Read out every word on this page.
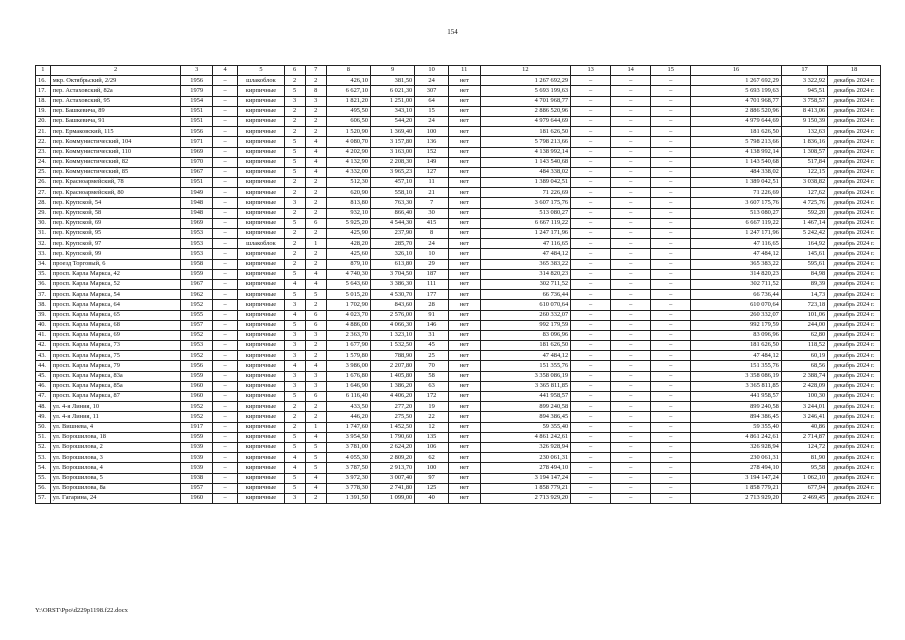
154
1	2	3	4	5	6	7	8	9	10	11	12	13	14	15	16	17	18
16.	мкр. Октябрьский, 2/29	1956	–	шлакоблок	2	2	426,10	381,50	24	нет	1 267 692,29	–	–	–	1 267 692,29	3 322,92	декабрь 2024 г.
17.	пер. Астаховский, 82а	1979	–	кирпичные	5	8	6 627,10	6 021,30	307	нет	5 693 199,63	–	–	–	5 693 199,63	945,51	декабрь 2024 г.
18.	пер. Астаховский, 95	1954	–	кирпичные	3	3	1 821,20	1 251,00	64	нет	4 701 968,77	–	–	–	4 701 968,77	3 758,57	декабрь 2024 г.
19.	пер. Башкевича, 89	1951	–	кирпичные	2	2	495,50	343,10	15	нет	2 886 520,96	–	–	–	2 886 520,96	8 413,06	декабрь 2024 г.
20.	пер. Башкевича, 91	1951	–	кирпичные	2	2	606,50	544,20	24	нет	4 979 644,69	–	–	–	4 979 644,69	9 150,39	декабрь 2024 г.
21.	пер. Ермаковский, 115	1956	–	кирпичные	2	2	1 520,90	1 369,40	100	нет	181 626,50	–	–	–	181 626,50	132,63	декабрь 2024 г.
22.	пер. Коммунистический, 104	1971	–	кирпичные	5	4	4 080,70	3 157,80	136	нет	5 798 213,66	–	–	–	5 798 213,66	1 836,16	декабрь 2024 г.
23.	пер. Коммунистический, 110	1969	–	кирпичные	5	4	4 202,90	3 163,00	152	нет	4 138 992,14	–	–	–	4 138 992,14	1 308,57	декабрь 2024 г.
24.	пер. Коммунистический, 82	1970	–	кирпичные	5	4	4 132,90	2 208,30	149	нет	1 143 540,68	–	–	–	1 143 540,68	517,84	декабрь 2024 г.
25.	пер. Коммунистический, 85	1967	–	кирпичные	5	4	4 332,00	3 965,23	127	нет	484 338,02	–	–	–	484 338,02	122,15	декабрь 2024 г.
26.	пер. Красноармейский, 78	1951	–	кирпичные	2	2	512,30	457,10	11	нет	1 389 042,51	–	–	–	1 389 042,51	3 038,82	декабрь 2024 г.
27.	пер. Красноармейский, 80	1949	–	кирпичные	2	2	620,90	558,10	21	нет	71 226,69	–	–	–	71 226,69	127,62	декабрь 2024 г.
28.	пер. Крупской, 54	1948	–	кирпичные	3	2	813,80	763,30	7	нет	3 607 175,76	–	–	–	3 607 175,76	4 725,76	декабрь 2024 г.
29.	пер. Крупской, 58	1948	–	кирпичные	2	2	932,10	866,40	30	нет	513 080,27	–	–	–	513 080,27	592,20	декабрь 2024 г.
30.	пер. Крупской, 69	1969	–	кирпичные	5	6	5 925,20	4 544,30	415	нет	6 667 119,22	–	–	–	6 667 119,22	1 467,14	декабрь 2024 г.
31.	пер. Крупской, 95	1953	–	кирпичные	2	2	425,90	237,90	8	нет	1 247 171,96	–	–	–	1 247 171,96	5 242,42	декабрь 2024 г.
32.	пер. Крупской, 97	1953	–	шлакоблок	2	1	428,20	285,70	24	нет	47 116,65	–	–	–	47 116,65	164,92	декабрь 2024 г.
33.	пер. Крупской, 99	1953	–	кирпичные	2	2	425,60	326,10	10	нет	47 484,12	–	–	–	47 484,12	145,61	декабрь 2024 г.
34.	проезд Торговый, 6	1958	–	кирпичные	2	2	879,10	613,80	29	нет	365 383,22	–	–	–	365 383,22	595,61	декабрь 2024 г.
35.	просп. Карла Маркса, 42	1959	–	кирпичные	5	4	4 740,30	3 704,50	187	нет	314 820,23	–	–	–	314 820,23	84,98	декабрь 2024 г.
36.	просп. Карла Маркса, 52	1967	–	кирпичные	4	4	5 643,60	3 386,30	111	нет	302 711,52	–	–	–	302 711,52	89,39	декабрь 2024 г.
37.	просп. Карла Маркса, 54	1962	–	кирпичные	5	5	5 015,20	4 530,70	177	нет	66 736,44	–	–	–	66 736,44	14,73	декабрь 2024 г.
38.	просп. Карла Маркса, 64	1952	–	кирпичные	3	2	1 702,90	843,60	28	нет	610 070,64	–	–	–	610 070,64	723,18	декабрь 2024 г.
39.	просп. Карла Маркса, 65	1955	–	кирпичные	4	6	4 023,70	2 576,00	91	нет	260 332,07	–	–	–	260 332,07	101,06	декабрь 2024 г.
40.	просп. Карла Маркса, 68	1957	–	кирпичные	5	6	4 886,00	4 066,30	146	нет	992 179,59	–	–	–	992 179,59	244,00	декабрь 2024 г.
41.	просп. Карла Маркса, 69	1952	–	кирпичные	3	3	2 363,70	1 323,10	31	нет	83 096,96	–	–	–	83 096,96	62,80	декабрь 2024 г.
42.	просп. Карла Маркса, 73	1953	–	кирпичные	3	2	1 677,90	1 532,50	45	нет	181 626,50	–	–	–	181 626,50	118,52	декабрь 2024 г.
43.	просп. Карла Маркса, 75	1952	–	кирпичные	3	2	1 579,80	788,90	25	нет	47 484,12	–	–	–	47 484,12	60,19	декабрь 2024 г.
44.	просп. Карла Маркса, 79	1956	–	кирпичные	4	4	3 986,00	2 207,80	70	нет	151 355,76	–	–	–	151 355,76	68,56	декабрь 2024 г.
45.	просп. Карла Маркса, 83а	1959	–	кирпичные	3	3	1 676,80	1 405,80	58	нет	3 358 086,19	–	–	–	3 358 086,19	2 388,74	декабрь 2024 г.
46.	просп. Карла Маркса, 85а	1960	–	кирпичные	3	3	1 646,90	1 386,20	63	нет	3 365 811,85	–	–	–	3 365 811,85	2 428,09	декабрь 2024 г.
47.	просп. Карла Маркса, 87	1960	–	кирпичные	5	6	6 116,40	4 406,20	172	нет	441 958,57	–	–	–	441 958,57	100,30	декабрь 2024 г.
48.	ул. 4-я Линия, 10	1952	–	кирпичные	2	2	433,50	277,20	19	нет	899 240,58	–	–	–	899 240,58	3 244,01	декабрь 2024 г.
49.	ул. 4-я Линия, 11	1952	–	кирпичные	2	2	446,20	275,50	22	нет	894 386,45	–	–	–	894 386,45	3 246,41	декабрь 2024 г.
50.	ул. Вишнева, 4	1917	–	кирпичные	2	1	1 747,60	1 452,50	12	нет	59 355,40	–	–	–	59 355,40	40,86	декабрь 2024 г.
51.	ул. Ворошилова, 18	1959	–	кирпичные	5	4	3 954,50	1 790,60	135	нет	4 861 242,61	–	–	–	4 861 242,61	2 714,87	декабрь 2024 г.
52.	ул. Ворошилова, 2	1939	–	кирпичные	5	5	3 781,00	2 624,20	106	нет	326 928,94	–	–	–	326 928,94	124,72	декабрь 2024 г.
53.	ул. Ворошилова, 3	1939	–	кирпичные	4	5	4 055,30	2 809,20	62	нет	230 061,31	–	–	–	230 061,31	81,90	декабрь 2024 г.
54.	ул. Ворошилова, 4	1939	–	кирпичные	4	5	3 787,50	2 913,70	100	нет	278 494,10	–	–	–	278 494,10	95,58	декабрь 2024 г.
55.	ул. Ворошилова, 5	1938	–	кирпичные	5	4	3 972,30	3 007,40	97	нет	3 194 147,24	–	–	–	3 194 147,24	1 062,10	декабрь 2024 г.
56.	ул. Ворошилова, 8а	1957	–	кирпичные	5	4	3 778,30	2 741,80	125	нет	1 858 779,21	–	–	–	1 858 779,21	677,94	декабрь 2024 г.
57.	ул. Гагарина, 24	1960	–	кирпичные	3	2	1 391,50	1 099,00	40	нет	2 713 929,20	–	–	–	2 713 929,20	2 469,45	декабрь 2024 г.
Y:\ORST\Ppo\d229p1198.f22.docx
